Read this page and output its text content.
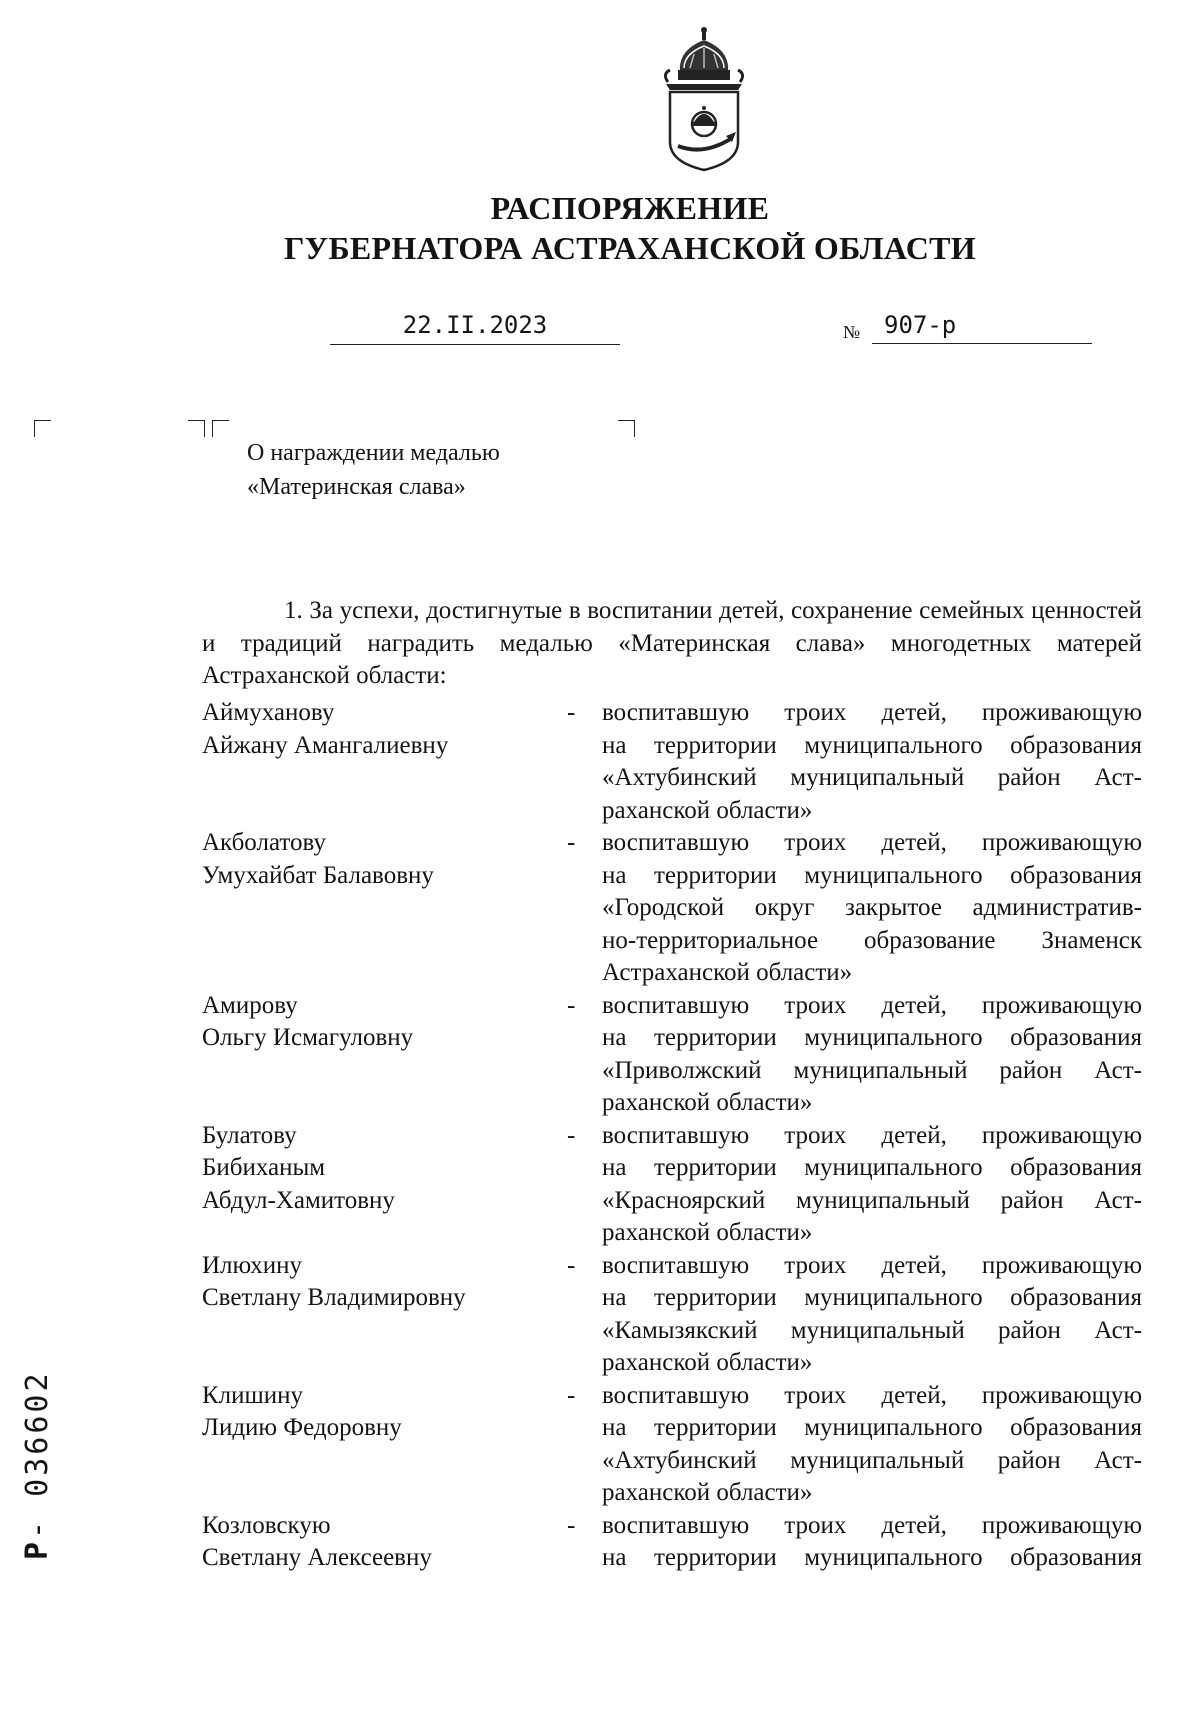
РАСПОРЯЖЕНИЕ
ГУБЕРНАТОРА АСТРАХАНСКОЙ ОБЛАСТИ
22.II.2023	№ 907-р
О награждении медалью
«Материнская слава»

1. За успехи, достигнутые в воспитании детей, сохранение семейных ценностей и традиций наградить медалью «Материнская слава» многодетных матерей Астраханской области:

Аймуханову
Айжану Амангалиевну
-	воспитавшую троих детей, проживающую
на территории муниципального образования
«Ахтубинский муниципальный район Аст-
раханской области»
Акболатову
Умухайбат Балавовну
-	воспитавшую троих детей, проживающую
на территории муниципального образования
«Городской округ закрытое административ-
но-территориальное образование Знаменск
Астраханской области»
Амирову
Ольгу Исмагуловну
-	воспитавшую троих детей, проживающую
на территории муниципального образования
«Приволжский муниципальный район Аст-
раханской области»
Булатову
Бибиханым
Абдул-Хамитовну
-	воспитавшую троих детей, проживающую
на территории муниципального образования
«Красноярский муниципальный район Аст-
раханской области»
Илюхину
Светлану Владимировну
-	воспитавшую троих детей, проживающую
на территории муниципального образования
«Камызякский муниципальный район Аст-
раханской области»
Клишину
Лидию Федоровну
-	воспитавшую троих детей, проживающую
на территории муниципального образования
«Ахтубинский муниципальный район Аст-
раханской области»
Козловскую
Светлану Алексеевну
-	воспитавшую троих детей, проживающую
на территории муниципального образования
Р- 036602
